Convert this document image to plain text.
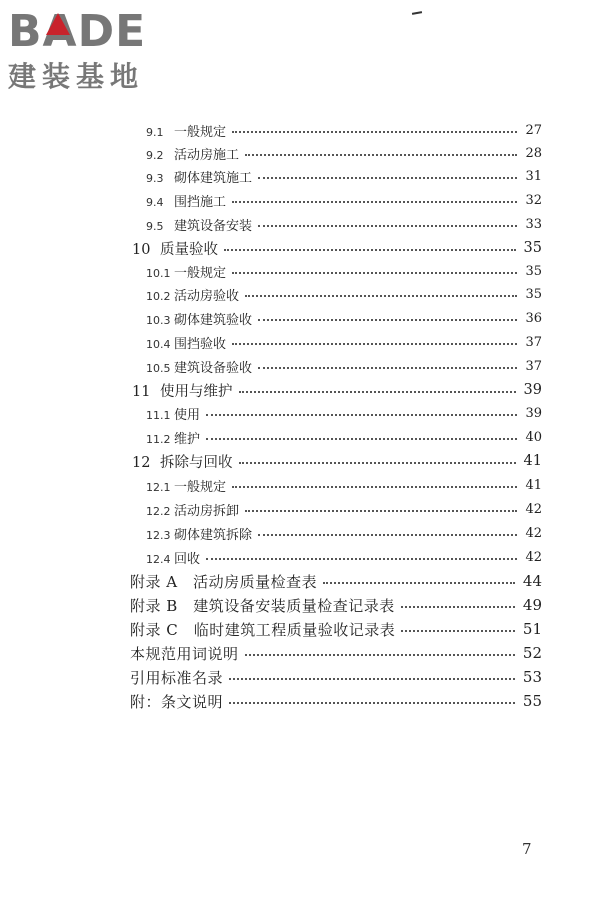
BADE
建装基地
9.1 一般规定	27
9.2 活动房施工	28
9.3 砌体建筑施工	31
9.4 围挡施工	32
9.5 建筑设备安装	33
10 质量验收	35
10.1 一般规定	35
10.2 活动房验收	35
10.3 砌体建筑验收	36
10.4 围挡验收	37
10.5 建筑设备验收	37
11 使用与维护	39
11.1 使用	39
11.2 维护	40
12 拆除与回收	41
12.1 一般规定	41
12.2 活动房拆卸	42
12.3 砌体建筑拆除	42
12.4 回收	42
附录 A　活动房质量检查表	44
附录 B　建筑设备安装质量检查记录表	49
附录 C　临时建筑工程质量验收记录表	51
本规范用词说明	52
引用标准名录	53
附：条文说明	55
7
